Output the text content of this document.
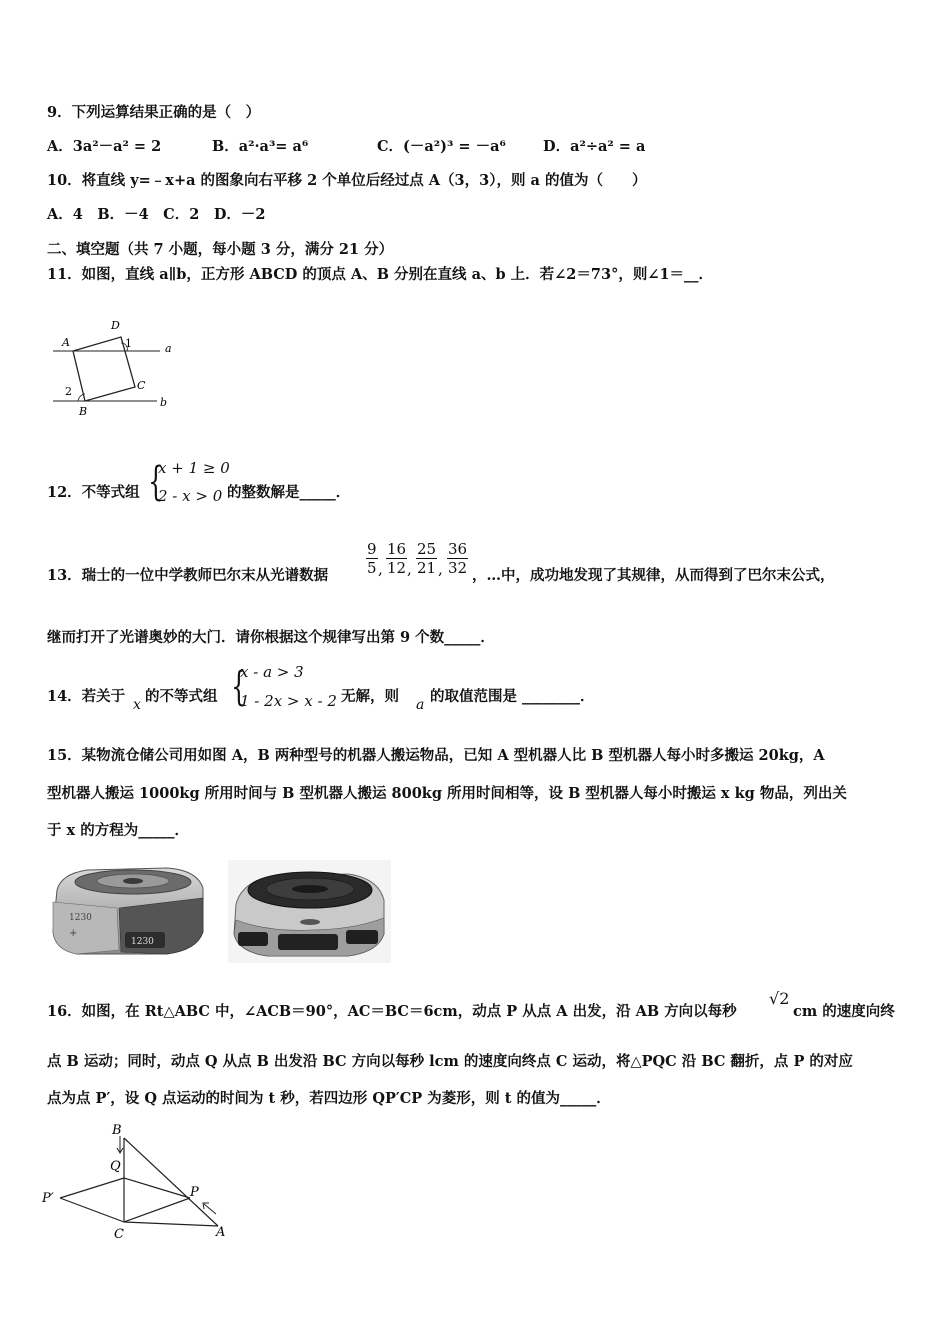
9．下列运算结果正确的是（　）
A．3a²－a² = 2	B．a²·a³= a⁶	C．(－a²)³ = －a⁶	D．a²÷a² = a
10．将直线 y=﹣x+a 的图象向右平移 2 个单位后经过点 A（3，3），则 a 的值为（　　）
A．4　B．－4　C．2　D．－2
二、填空题（共 7 小题，每小题 3 分，满分 21 分）
11．如图，直线 a∥b，正方形 ABCD 的顶点 A、B 分别在直线 a、b 上．若∠2＝73°，则∠1＝__．
A
D
1	a
C
2
B
b
12．不等式组 {
x + 1 ≥ 0
2 - x > 0 的整数解是_____．
13．瑞士的一位中学教师巴尔末从光谱数据	$\frac{9}{5}$ , $\frac{16}{12}$ , $\frac{25}{21}$ , $\frac{36}{32}$ ，…中，成功地发现了其规律，从而得到了巴尔末公式，
继而打开了光谱奥妙的大门．请你根据这个规律写出第 9 个数_____．
14．若关于 x 的不等式组 {
x - a > 3
1 - 2x > x - 2 无解，则 a 的取值范围是 ________．
15．某物流仓储公司用如图 A，B 两种型号的机器人搬运物品，已知 A 型机器人比 B 型机器人每小时多搬运 20kg，A
型机器人搬运 1000kg 所用时间与 B 型机器人搬运 800kg 所用时间相等，设 B 型机器人每小时搬运 x kg 物品，列出关
于 x 的方程为_____．
1230
1230
+
16．如图，在 Rt△ABC 中，∠ACB＝90°，AC＝BC＝6cm，动点 P 从点 A 出发，沿 AB 方向以每秒
√2
cm 的速度向终
点 B 运动；同时，动点 Q 从点 B 出发沿 BC 方向以每秒 lcm 的速度向终点 C 运动，将△PQC 沿 BC 翻折，点 P 的对应
点为点 P′，设 Q 点运动的时间为 t 秒，若四边形 QP′CP 为菱形，则 t 的值为_____．
B
Q
P
P′
C	A
